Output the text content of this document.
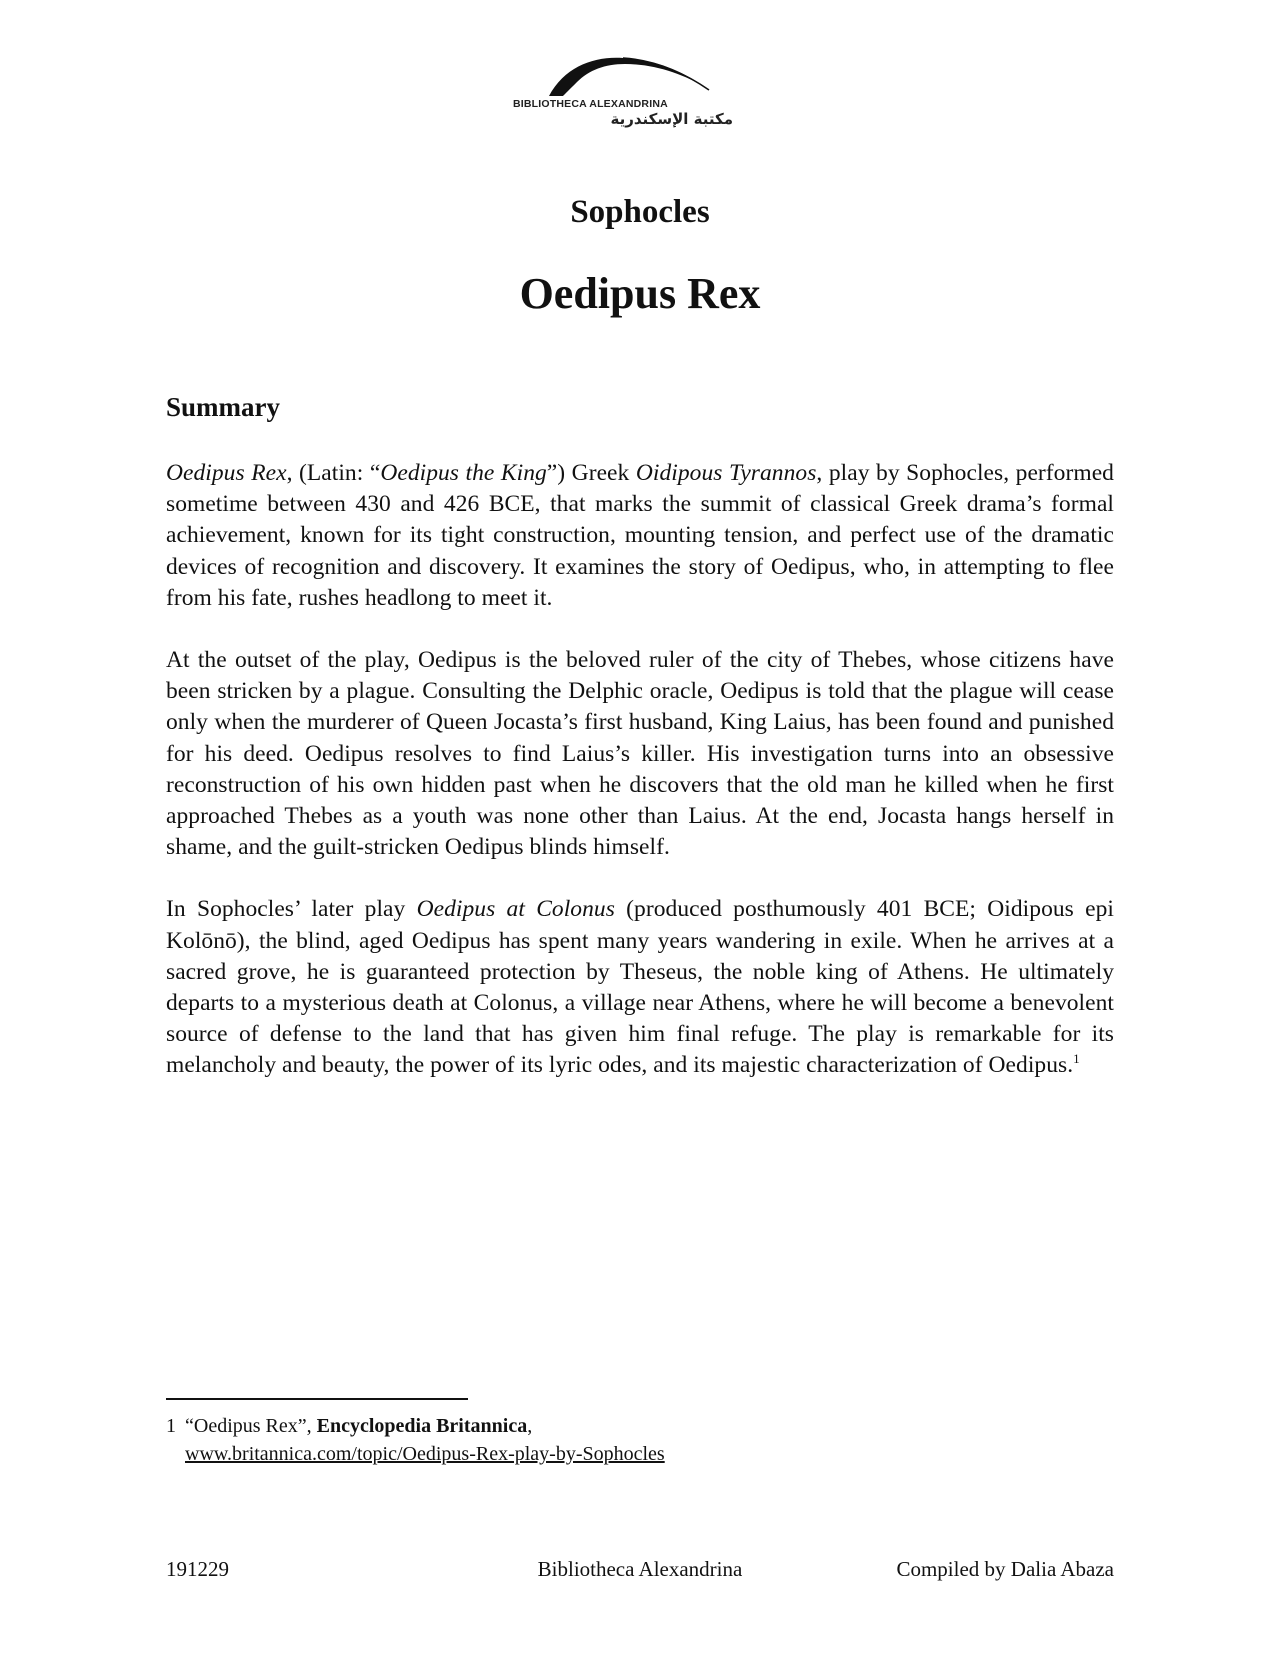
BIBLIOTHECA ALEXANDRINA
مكتبة الإسكندرية
Sophocles
Oedipus Rex
Summary

Oedipus Rex, (Latin: “Oedipus the King”) Greek Oidipous Tyrannos, play by Sophocles, performed sometime between 430 and 426 BCE, that marks the summit of classical Greek drama’s formal achievement, known for its tight construction, mounting tension, and perfect use of the dramatic devices of recognition and discovery. It examines the story of Oedipus, who, in attempting to flee from his fate, rushes headlong to meet it.

At the outset of the play, Oedipus is the beloved ruler of the city of Thebes, whose citizens have been stricken by a plague. Consulting the Delphic oracle, Oedipus is told that the plague will cease only when the murderer of Queen Jocasta’s first husband, King Laius, has been found and punished for his deed. Oedipus resolves to find Laius’s killer. His investigation turns into an obsessive reconstruction of his own hidden past when he discovers that the old man he killed when he first approached Thebes as a youth was none other than Laius. At the end, Jocasta hangs herself in shame, and the guilt-stricken Oedipus blinds himself.

In Sophocles’ later play Oedipus at Colonus (produced posthumously 401 BCE; Oidipous epi Kolōnō), the blind, aged Oedipus has spent many years wandering in exile. When he arrives at a sacred grove, he is guaranteed protection by Theseus, the noble king of Athens. He ultimately departs to a mysterious death at Colonus, a village near Athens, where he will become a benevolent source of defense to the land that has given him final refuge. The play is remarkable for its melancholy and beauty, the power of its lyric odes, and its majestic characterization of Oedipus.$^1$

1 “Oedipus Rex”, Encyclopedia Britannica,
www.britannica.com/topic/Oedipus-Rex-play-by-Sophocles
191229	Bibliotheca Alexandrina	Compiled by Dalia Abaza
